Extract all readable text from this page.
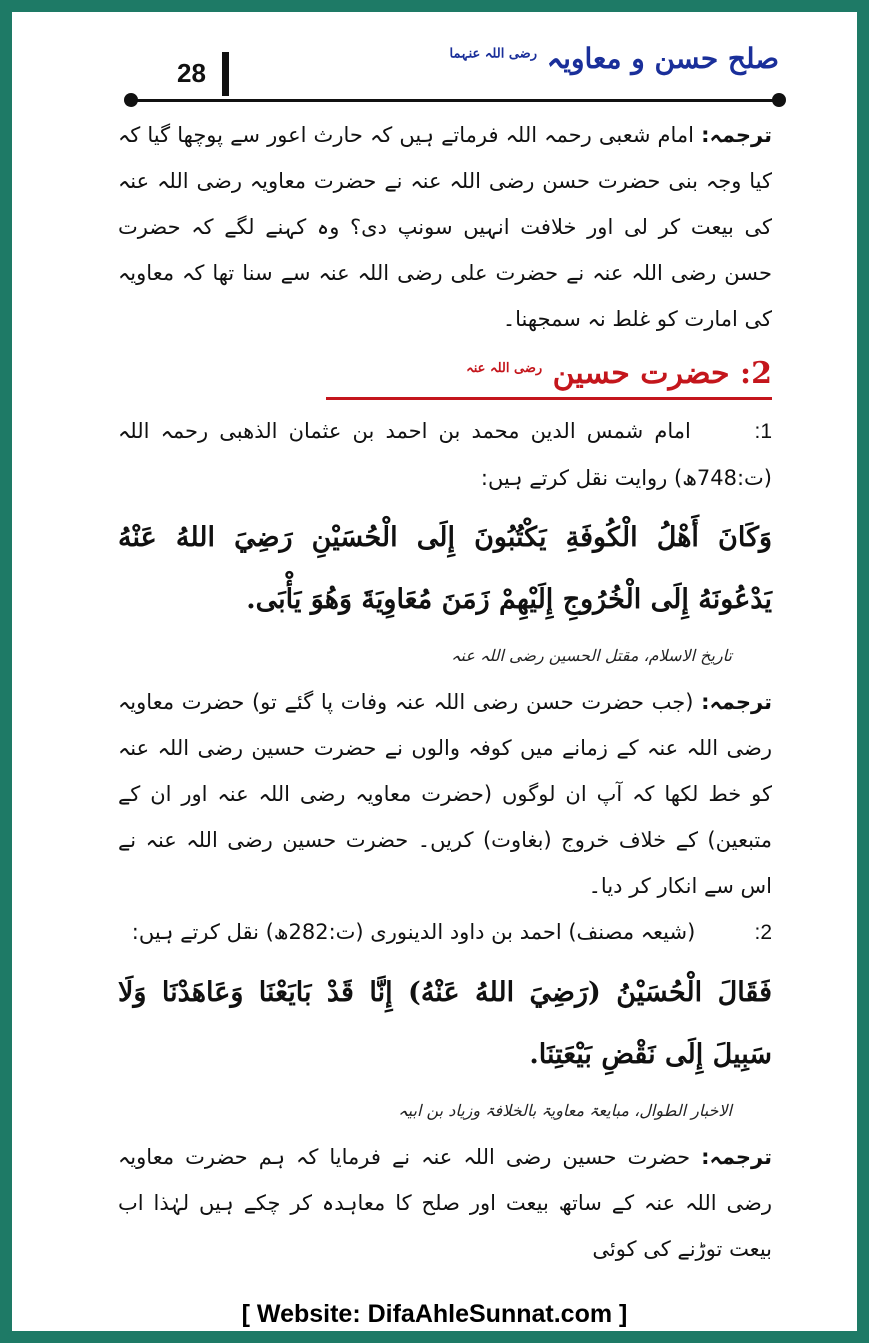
28	صلح حسن و معاویہ $^{رضی اللہ عنہما}$

ترجمہ: امام شعبی رحمہ اللہ فرماتے ہیں کہ حارث اعور سے پوچھا گیا کہ کیا وجہ بنی حضرت حسن رضی اللہ عنہ نے حضرت معاویہ رضی اللہ عنہ کی بیعت کر لی اور خلافت انہیں سونپ دی؟ وہ کہنے لگے کہ حضرت حسن رضی اللہ عنہ نے حضرت علی رضی اللہ عنہ سے سنا تھا کہ معاویہ کی امارت کو غلط نہ سمجھنا۔

2: حضرت حسین $^{رضی اللہ عنہ}$

1: امام شمس الدین محمد بن احمد بن عثمان الذھبی رحمہ اللہ (ت:748ھ) روایت نقل کرتے ہیں:

وَكَانَ أَهْلُ الْكُوفَةِ يَكْتُبُونَ إِلَى الْحُسَيْنِ رَضِيَ اللهُ عَنْهُ يَدْعُونَهُ إِلَى الْخُرُوجِ إِلَيْهِمْ زَمَنَ مُعَاوِيَةَ وَهُوَ يَأْبَى.

تاریخ الاسلام، مقتل الحسین رضی اللہ عنہ

ترجمہ: (جب حضرت حسن رضی اللہ عنہ وفات پا گئے تو) حضرت معاویہ رضی اللہ عنہ کے زمانے میں کوفہ والوں نے حضرت حسین رضی اللہ عنہ کو خط لکھا کہ آپ ان لوگوں (حضرت معاویہ رضی اللہ عنہ اور ان کے متبعین) کے خلاف خروج (بغاوت) کریں۔ حضرت حسین رضی اللہ عنہ نے اس سے انکار کر دیا۔

2: (شیعہ مصنف) احمد بن داود الدینوری (ت:282ھ) نقل کرتے ہیں:

فَقَالَ الْحُسَيْنُ (رَضِيَ اللهُ عَنْهُ) إِنَّا قَدْ بَايَعْنَا وَعَاهَدْنَا وَلَا سَبِيلَ إِلَى نَقْضِ بَيْعَتِنَا.

الاخبار الطوال، مبایعۃ معاویۃ بالخلافۃ وزیاد بن ابیہ

ترجمہ: حضرت حسین رضی اللہ عنہ نے فرمایا کہ ہم حضرت معاویہ رضی اللہ عنہ کے ساتھ بیعت اور صلح کا معاہدہ کر چکے ہیں لہٰذا اب بیعت توڑنے کی کوئی

[ Website: DifaAhleSunnat.com ]
